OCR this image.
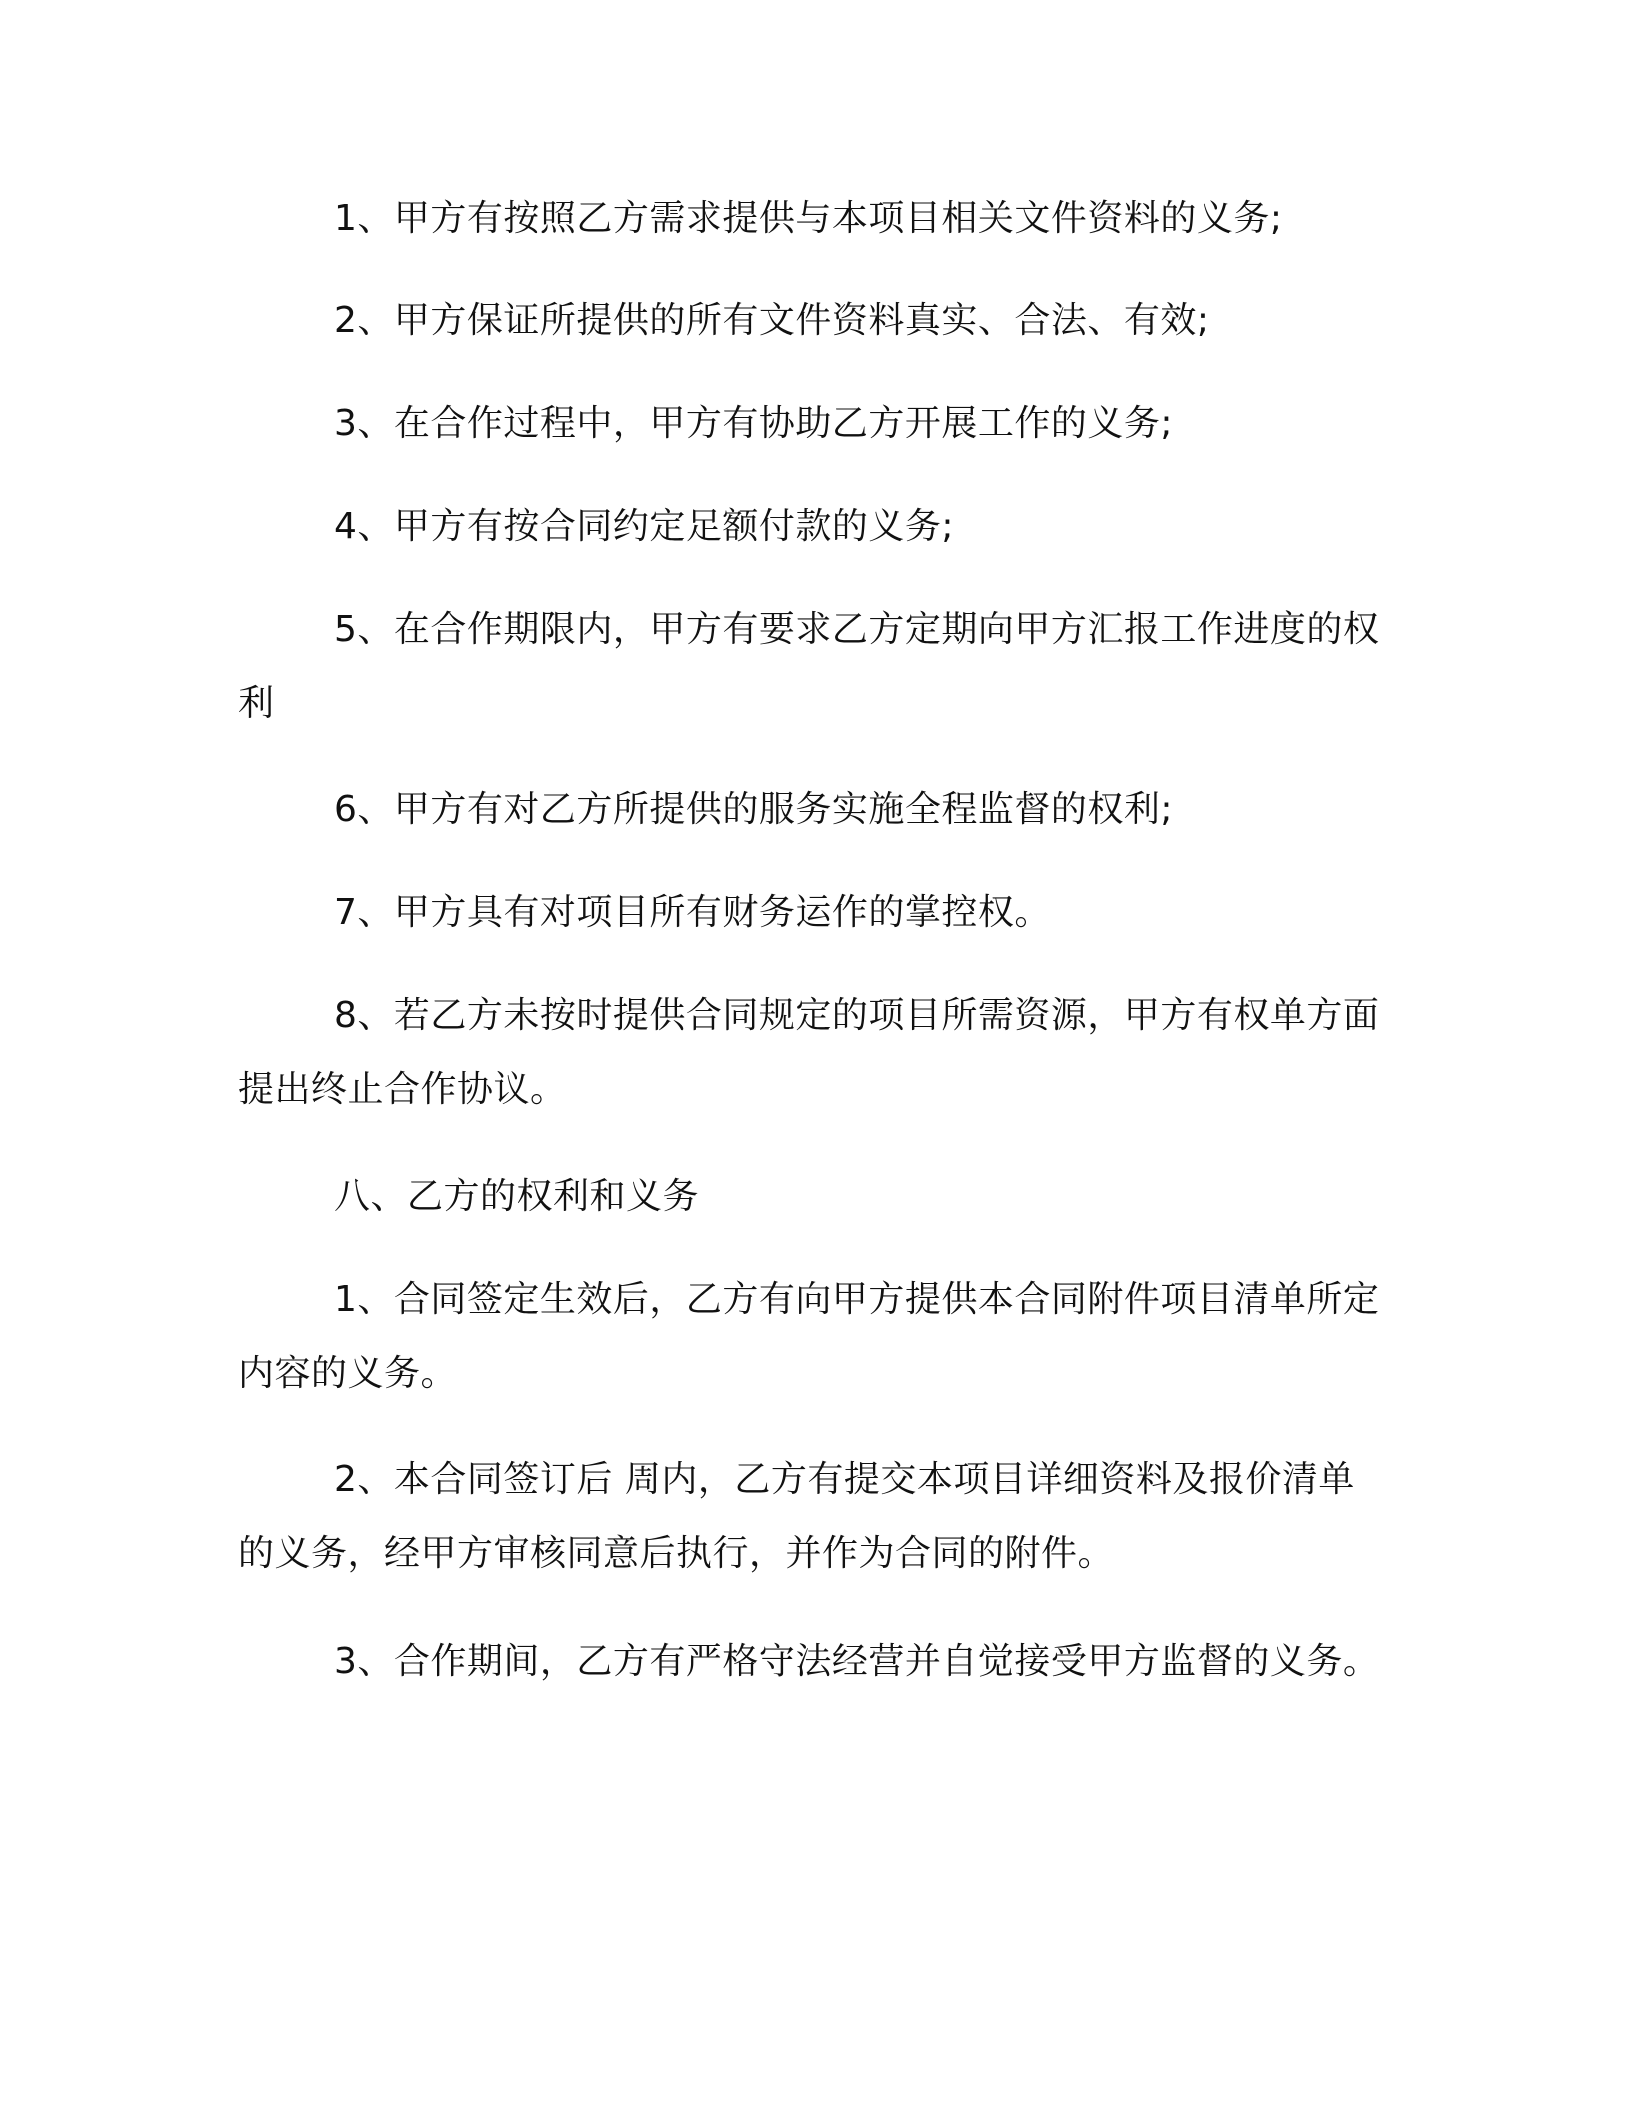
1、甲方有按照乙方需求提供与本项目相关文件资料的义务;

2、甲方保证所提供的所有文件资料真实、合法、有效;

3、在合作过程中，甲方有协助乙方开展工作的义务;

4、甲方有按合同约定足额付款的义务;

5、在合作期限内，甲方有要求乙方定期向甲方汇报工作进度的权利

6、甲方有对乙方所提供的服务实施全程监督的权利;

7、甲方具有对项目所有财务运作的掌控权。

8、若乙方未按时提供合同规定的项目所需资源，甲方有权单方面提出终止合作协议。

八、乙方的权利和义务

1、合同签定生效后，乙方有向甲方提供本合同附件项目清单所定内容的义务。

2、本合同签订后 周内，乙方有提交本项目详细资料及报价清单的义务，经甲方审核同意后执行，并作为合同的附件。

3、合作期间，乙方有严格守法经营并自觉接受甲方监督的义务。
